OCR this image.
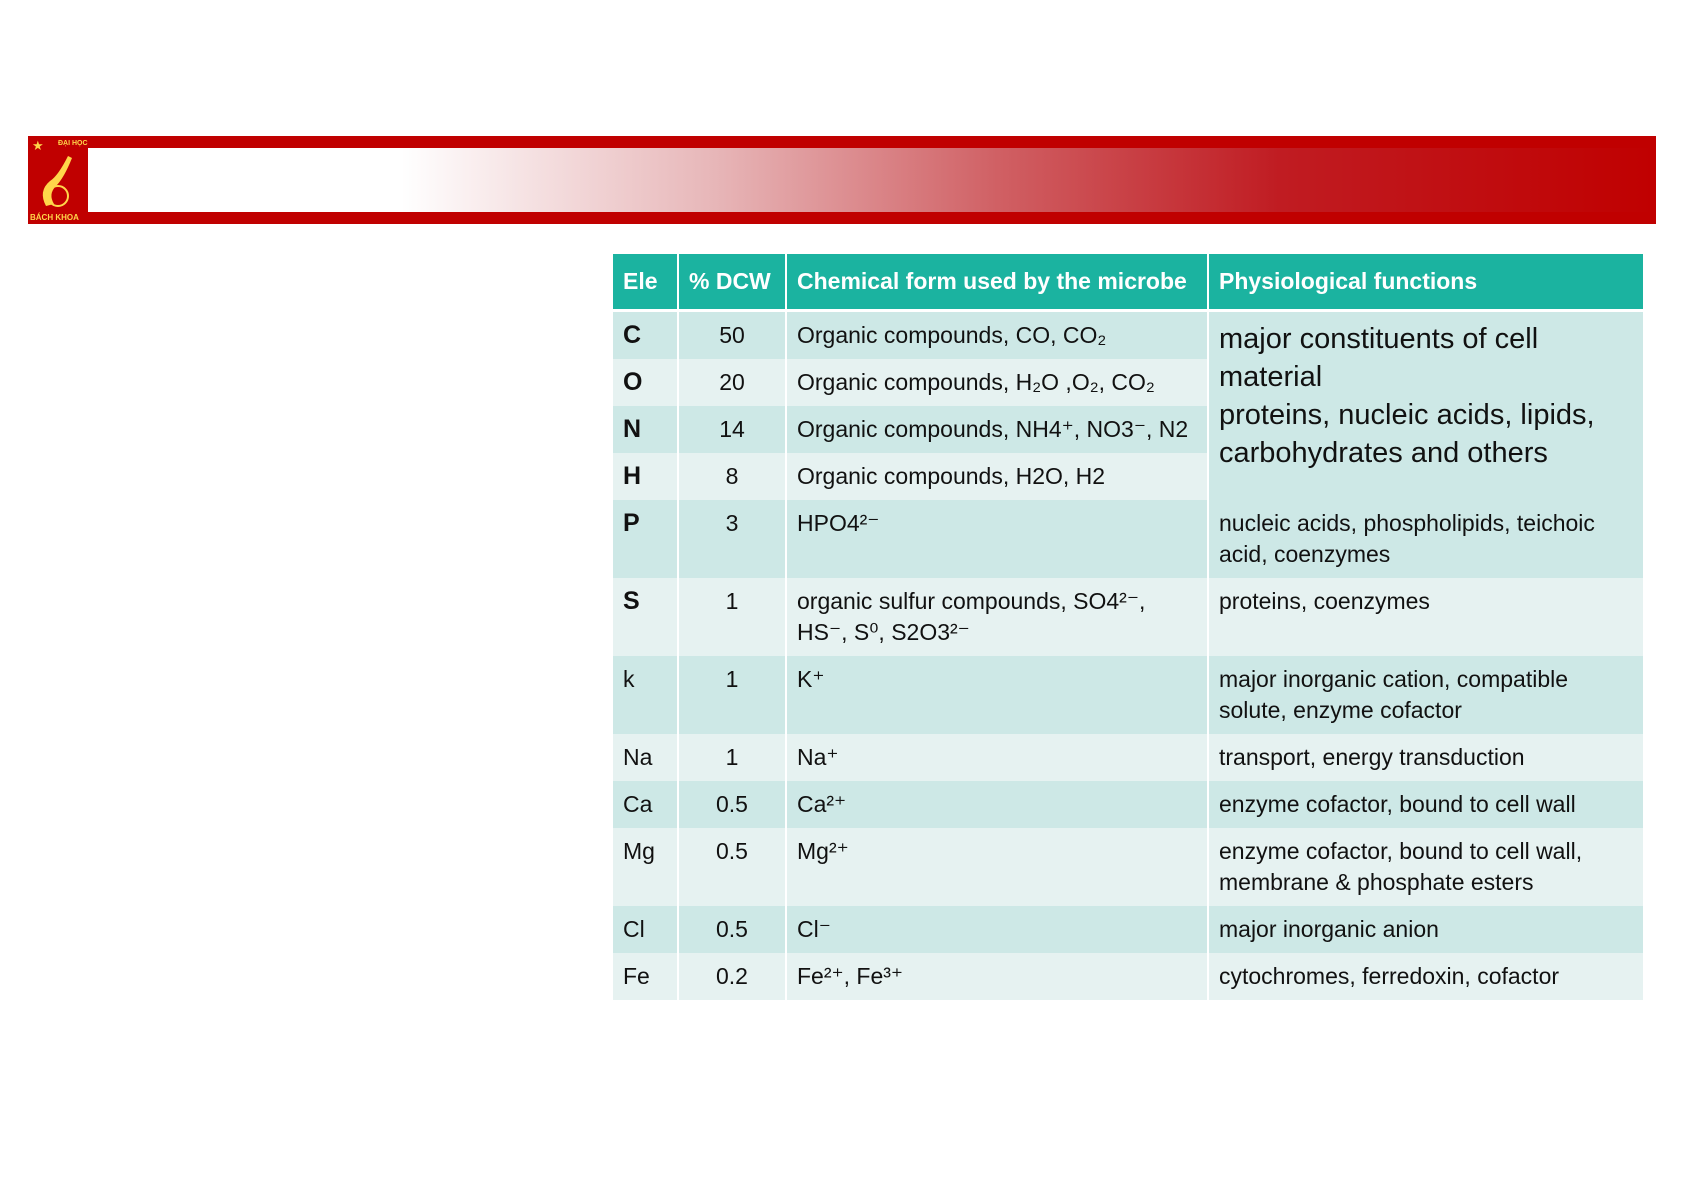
★ ĐẠI HỌC
BÁCH KHOA
Ele	% DCW	Chemical form used by the microbe	Physiological functions
C	50	Organic compounds, CO, CO₂	major constituents of cell material
proteins, nucleic acids, lipids, carbohydrates and others

O	20	Organic compounds, H₂O ,O₂, CO₂	
N	14	Organic compounds, NH4⁺, NO3⁻, N2	
H	8	Organic compounds, H2O, H2	
P	3	HPO4²⁻	nucleic acids, phospholipids, teichoic acid, coenzymes
S	1	organic sulfur compounds, SO4²⁻, HS⁻, S⁰, S2O3²⁻	proteins, coenzymes
k	1	K⁺	major inorganic cation, compatible solute, enzyme cofactor
Na	1	Na⁺	transport, energy transduction
Ca	0.5	Ca²⁺	enzyme cofactor, bound to cell wall
Mg	0.5	Mg²⁺	enzyme cofactor, bound to cell wall, membrane & phosphate esters
Cl	0.5	Cl⁻	major inorganic anion
Fe	0.2	Fe²⁺, Fe³⁺	cytochromes, ferredoxin, cofactor
